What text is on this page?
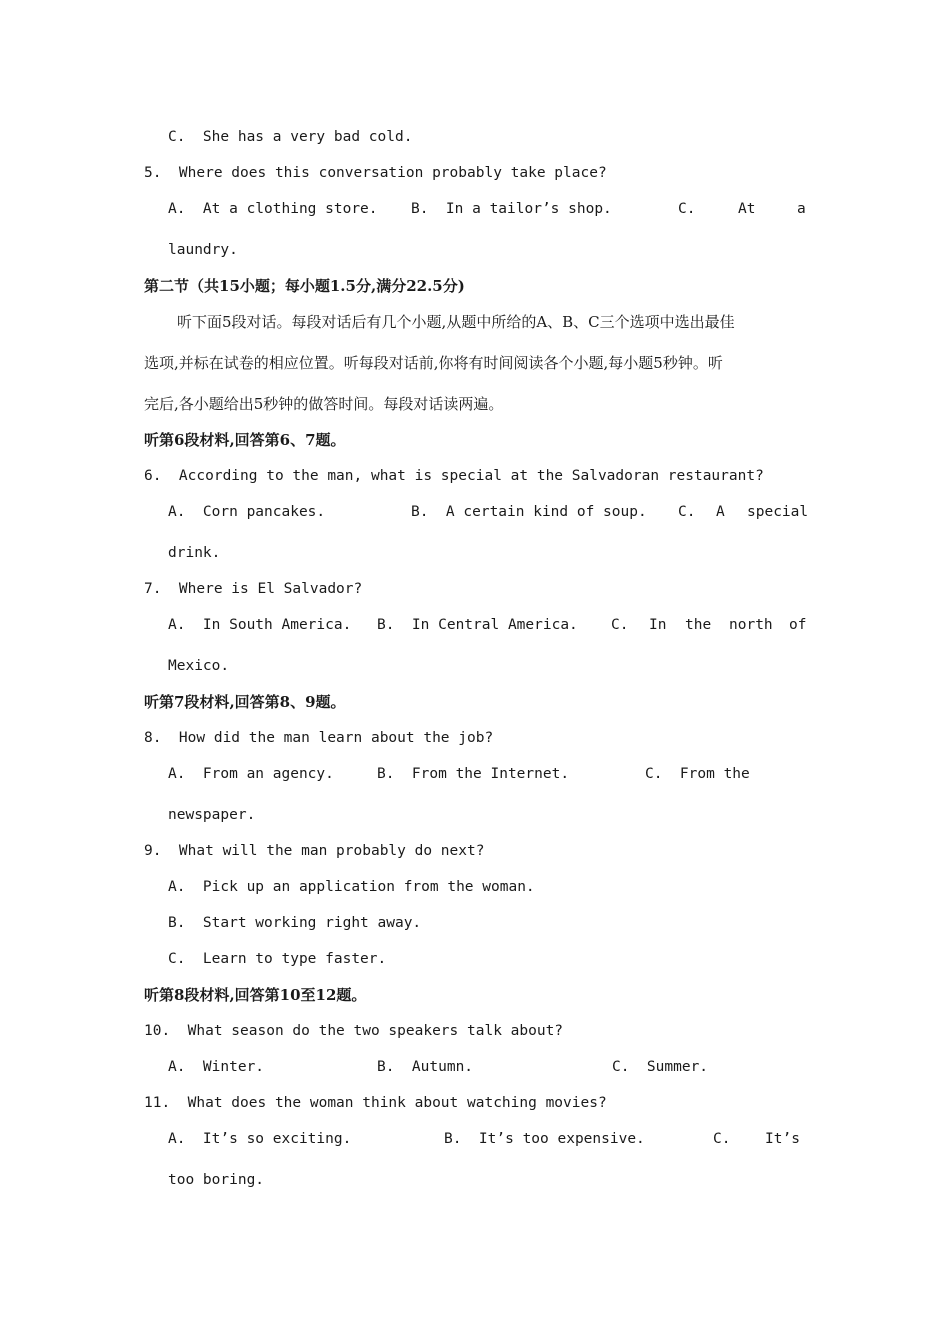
C.  She has a very bad cold.
5.  Where does this conversation probably take place?

A.  At a clothing store.

B.  In a tailor’s shop.

	C.

	At

	a

laundry.
第二节（共15小题；每小题1.5分,满分22.5分)
听下面5段对话。每段对话后有几个小题,从题中所给的A、B、C三个选项中选出最佳
选项,并标在试卷的相应位置。听每段对话前,你将有时间阅读各个小题,每小题5秒钟。听
完后,各小题给出5秒钟的做答时间。每段对话读两遍。
听第6段材料,回答第6、7题。
6.  According to the man, what is special at the Salvadoran restaurant?

A.  Corn pancakes.

	B.  A certain kind of soup.

C.

A

special

drink.
7.  Where is El Salvador?

A.  In South America.

B.  In Central America.

C.

In

the

north

of

Mexico.
听第7段材料,回答第8、9题。
8.  How did the man learn about the job?

A.  From an agency.

	B.  From the Internet.

	C.  From the

newspaper.
9.  What will the man probably do next?
A.  Pick up an application from the woman.
B.  Start working right away.
C.  Learn to type faster.
听第8段材料,回答第10至12题。
10.  What season do the two speakers talk about?

A.  Winter.

	B.  Autumn.

	C.  Summer.

11.  What does the woman think about watching movies?

A.  It’s so exciting.

	B.  It’s too expensive.

	C.

It’s

too boring.
